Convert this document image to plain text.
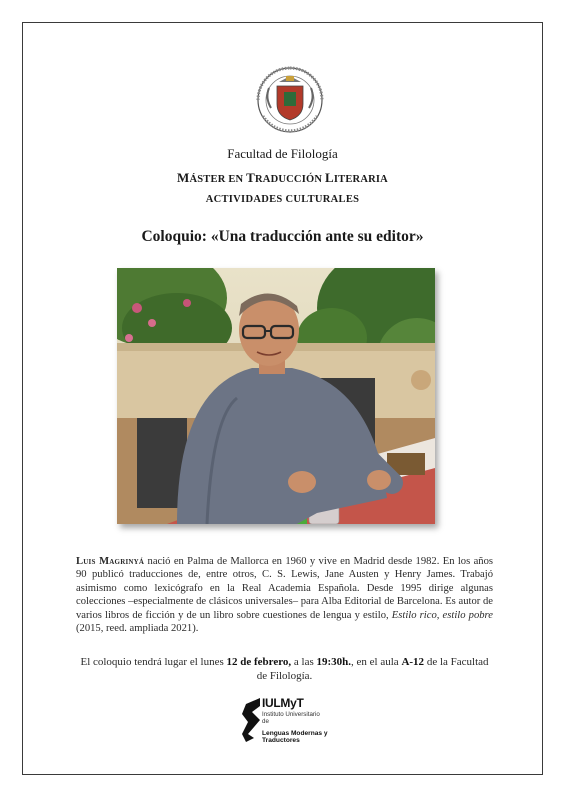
Facultad de Filología
MÁSTER EN TRADUCCIÓN LITERARIA
ACTIVIDADES CULTURALES
Coloquio: «Una traducción ante su editor»
Luis Magrinyá nació en Palma de Mallorca en 1960 y vive en Madrid desde 1982. En los años 90 publicó traducciones de, entre otros, C. S. Lewis, Jane Austen y Henry James. Trabajó asimismo como lexicógrafo en la Real Academia Española. Desde 1995 dirige algunas colecciones –especialmente de clásicos universales– para Alba Editorial de Barcelona. Es autor de varios libros de ficción y de un libro sobre cuestiones de lengua y estilo, Estilo rico, estilo pobre (2015, reed. ampliada 2021).
El coloquio tendrá lugar el lunes 12 de febrero, a las 19:30h., en el aula A-12 de la Facultad de Filología.
IULMyT
Instituto Universitario de
Lenguas Modernas y Traductores
